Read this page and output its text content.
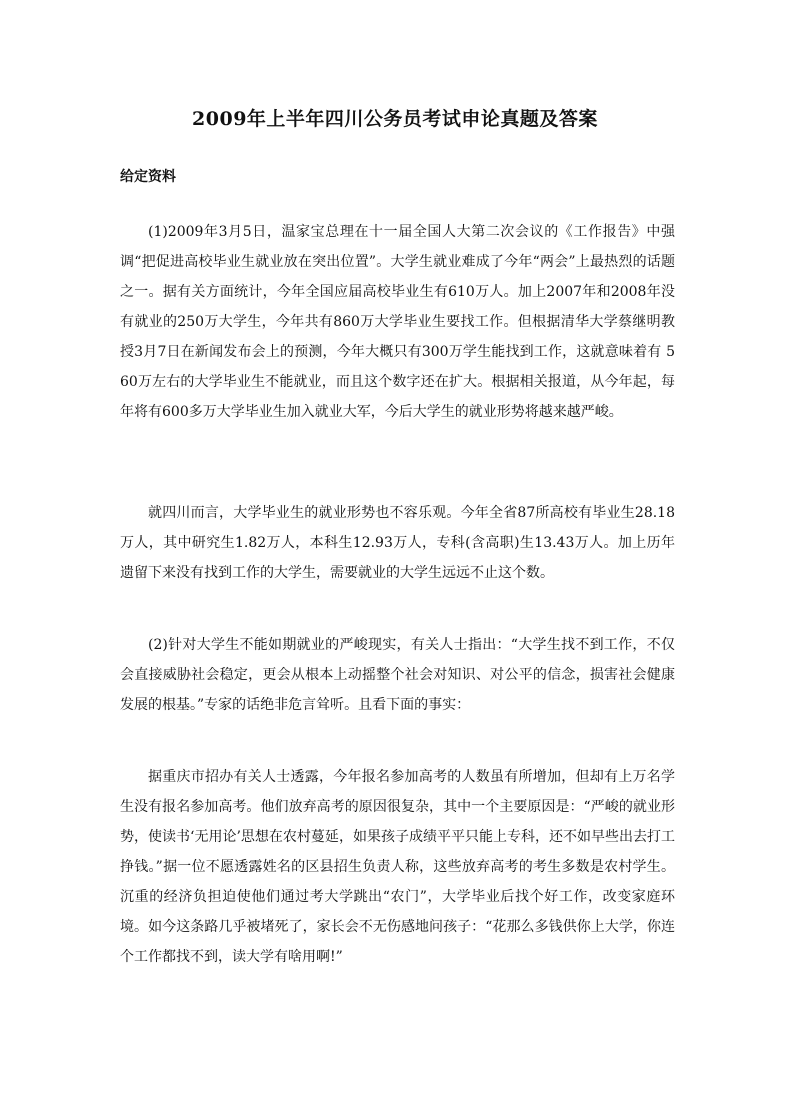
2009年上半年四川公务员考试申论真题及答案
给定资料

(1)2009年3月5日，温家宝总理在十一届全国人大第二次会议的《工作报告》中强调“把促进高校毕业生就业放在突出位置”。大学生就业难成了今年“两会”上最热烈的话题之一。据有关方面统计，今年全国应届高校毕业生有610万人。加上2007年和2008年没有就业的250万大学生，今年共有860万大学毕业生要找工作。但根据清华大学蔡继明教授3月7日在新闻发布会上的预测，今年大概只有300万学生能找到工作，这就意味着有 560万左右的大学毕业生不能就业，而且这个数字还在扩大。根据相关报道，从今年起，每年将有600多万大学毕业生加入就业大军，今后大学生的就业形势将越来越严峻。

就四川而言，大学毕业生的就业形势也不容乐观。今年全省87所高校有毕业生28.18万人，其中研究生1.82万人，本科生12.93万人，专科(含高职)生13.43万人。加上历年遗留下来没有找到工作的大学生，需要就业的大学生远远不止这个数。

(2)针对大学生不能如期就业的严峻现实，有关人士指出：“大学生找不到工作，不仅会直接威胁社会稳定，更会从根本上动摇整个社会对知识、对公平的信念，损害社会健康发展的根基。”专家的话绝非危言耸听。且看下面的事实：

据重庆市招办有关人士透露，今年报名参加高考的人数虽有所增加，但却有上万名学生没有报名参加高考。他们放弃高考的原因很复杂，其中一个主要原因是：“严峻的就业形势，使读书‘无用论’思想在农村蔓延，如果孩子成绩平平只能上专科，还不如早些出去打工挣钱。”据一位不愿透露姓名的区县招生负责人称，这些放弃高考的考生多数是农村学生。沉重的经济负担迫使他们通过考大学跳出“农门”，大学毕业后找个好工作，改变家庭环境。如今这条路几乎被堵死了，家长会不无伤感地问孩子：“花那么多钱供你上大学，你连个工作都找不到，读大学有啥用啊!”
